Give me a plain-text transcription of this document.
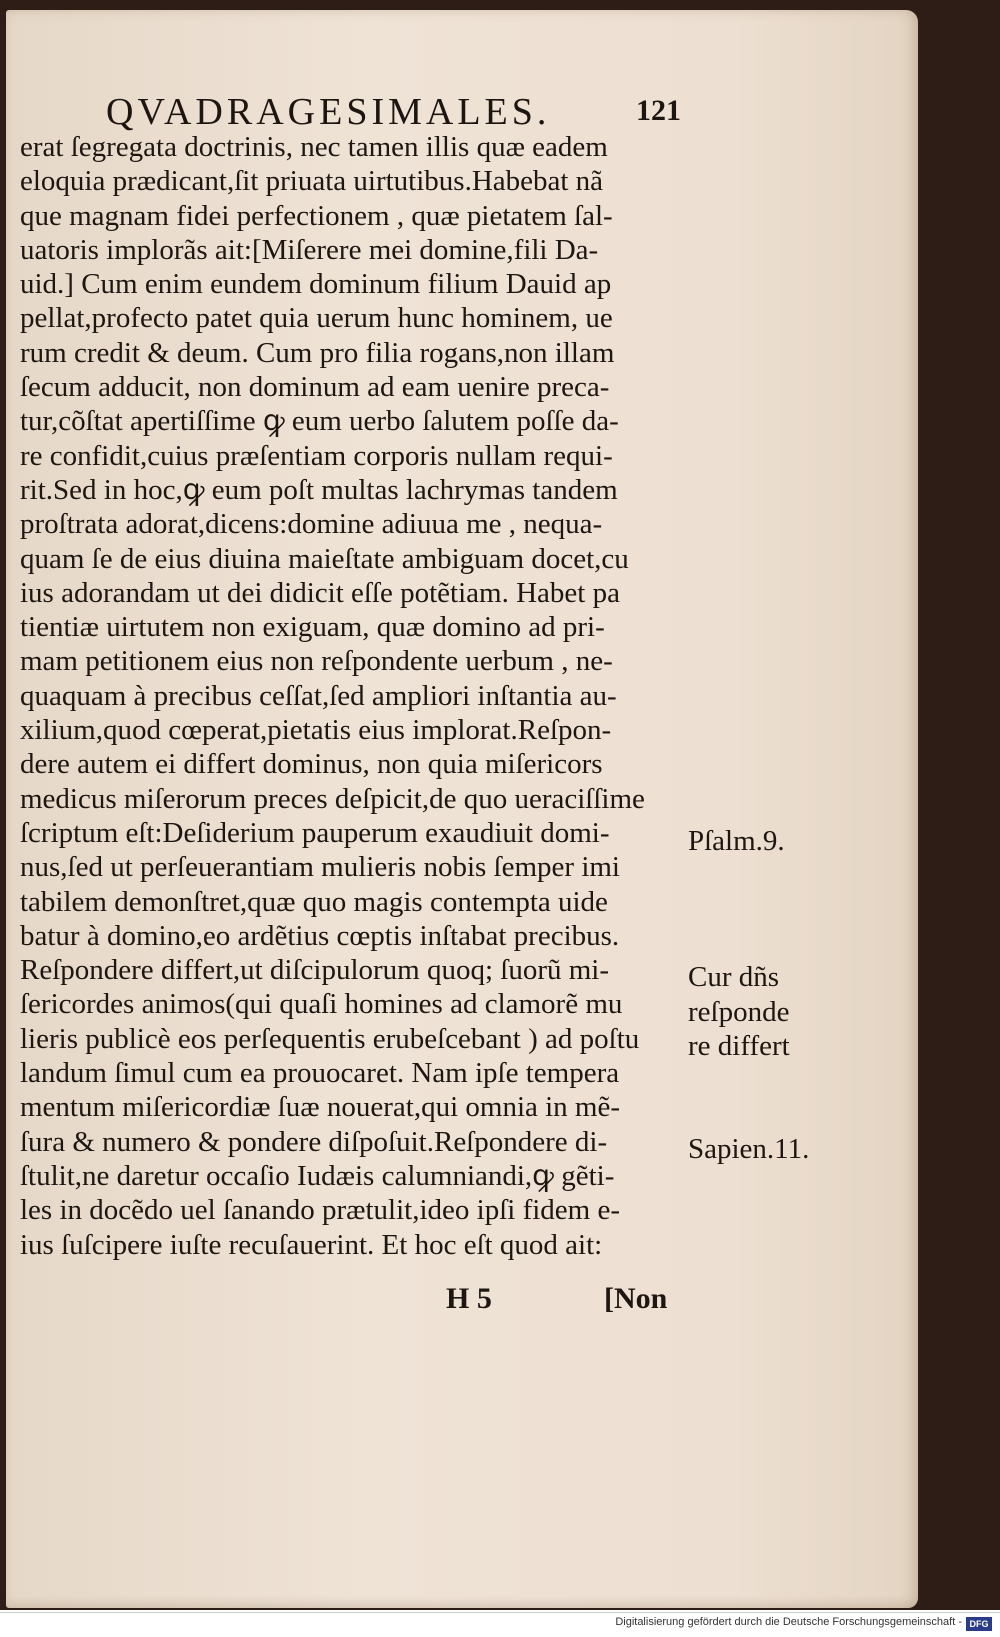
QVADRAGESIMALES.	121
erat ſegregata doctrinis, nec tamen illis quæ eadem
eloquia prædicant,ſit priuata uirtutibus.Habebat nã
que magnam fidei perfectionem , quæ pietatem ſal-
uatoris implorãs ait:[Miſerere mei domine,fili Da-
uid.] Cum enim eundem dominum filium Dauid ap
pellat,profecto patet quia uerum hunc hominem, ue
rum credit & deum. Cum pro filia rogans,non illam
ſecum adducit, non dominum ad eam uenire preca-
tur,cõſtat apertiſſime ꝙ eum uerbo ſalutem poſſe da-
re confidit,cuius præſentiam corporis nullam requi-
rit.Sed in hoc,ꝙ eum poſt multas lachrymas tandem
proſtrata adorat,dicens:domine adiuua me , nequa-
quam ſe de eius diuina maieſtate ambiguam docet,cu
ius adorandam ut dei didicit eſſe potẽtiam. Habet pa
tientiæ uirtutem non exiguam, quæ domino ad pri-
mam petitionem eius non reſpondente uerbum , ne-
quaquam à precibus ceſſat,ſed ampliori inſtantia au-
xilium,quod cœperat,pietatis eius implorat.Reſpon-
dere autem ei differt dominus, non quia miſericors
medicus miſerorum preces deſpicit,de quo ueraciſſime
ſcriptum eſt:Deſiderium pauperum exaudiuit domi-
nus,ſed ut perſeuerantiam mulieris nobis ſemper imi
tabilem demonſtret,quæ quo magis contempta uide
batur à domino,eo ardẽtius cœptis inſtabat precibus.
Reſpondere differt,ut diſcipulorum quoq; ſuorũ mi-
ſericordes animos(qui quaſi homines ad clamorẽ mu
lieris publicè eos perſequentis erubeſcebant ) ad poſtu
landum ſimul cum ea prouocaret. Nam ipſe tempera
mentum miſericordiæ ſuæ nouerat,qui omnia in mẽ-
ſura & numero & pondere diſpoſuit.Reſpondere di-
ſtulit,ne daretur occaſio Iudæis calumniandi,ꝙ gẽti-
les in docẽdo uel ſanando prætulit,ideo ipſi fidem e-
ius ſuſcipere iuſte recuſauerint. Et hoc eſt quod ait:
Pſalm.9.
Cur dñs
reſponde
re differt
Sapien.11.
H 5	[Non
Digitalisierung gefördert durch die Deutsche Forschungsgemeinschaft - DFG
